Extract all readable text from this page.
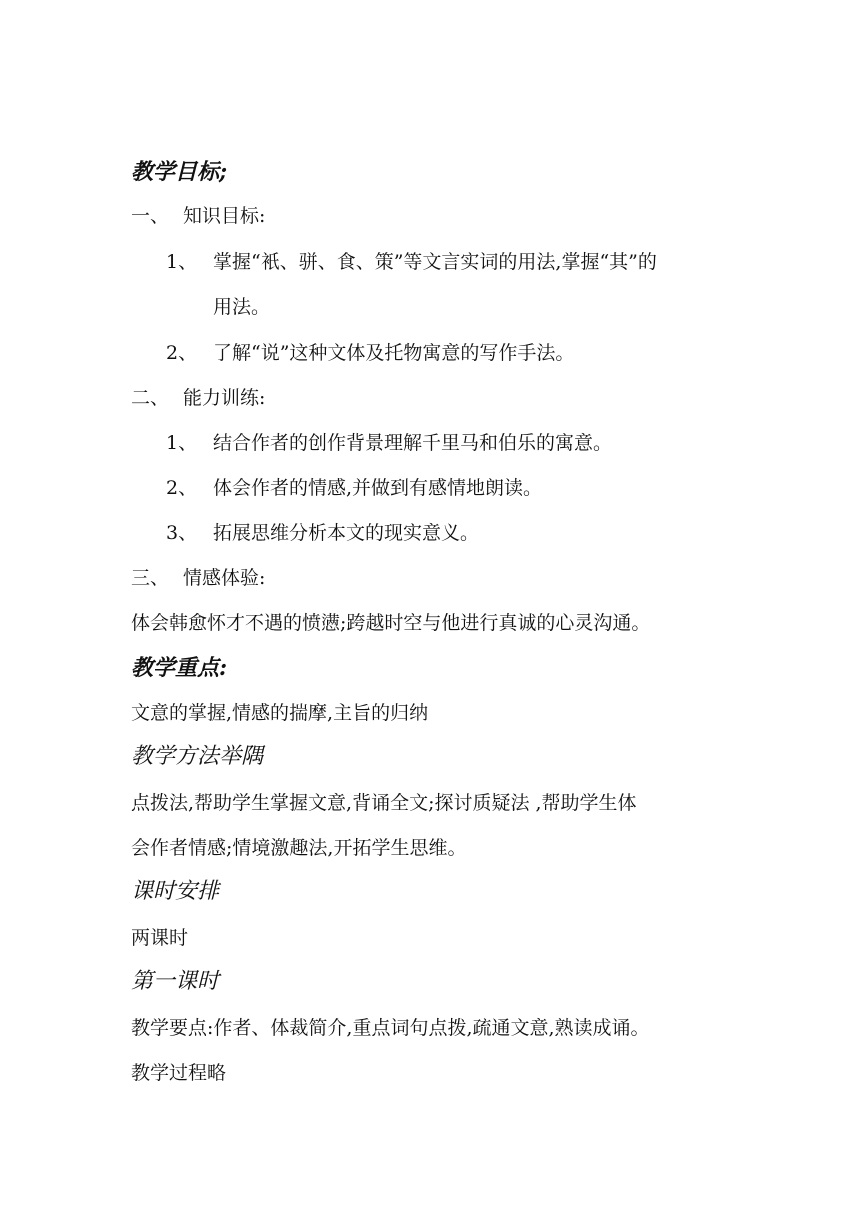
教学目标;
一、 知识目标:
1、 掌握“衹、骈、食、策”等文言实词的用法,掌握“其”的
用法。
2、 了解“说”这种文体及托物寓意的写作手法。
二、 能力训练:
1、 结合作者的创作背景理解千里马和伯乐的寓意。
2、 体会作者的情感,并做到有感情地朗读。
3、 拓展思维分析本文的现实意义。
三、 情感体验:
体会韩愈怀才不遇的愤懑;跨越时空与他进行真诚的心灵沟通。
教学重点:
文意的掌握,情感的揣摩,主旨的归纳
教学方法举隅
点拨法,帮助学生掌握文意,背诵全文;探讨质疑法 ,帮助学生体
会作者情感;情境激趣法,开拓学生思维。
课时安排
两课时
第一课时
教学要点:作者、体裁简介,重点词句点拨,疏通文意,熟读成诵。
教学过程略
